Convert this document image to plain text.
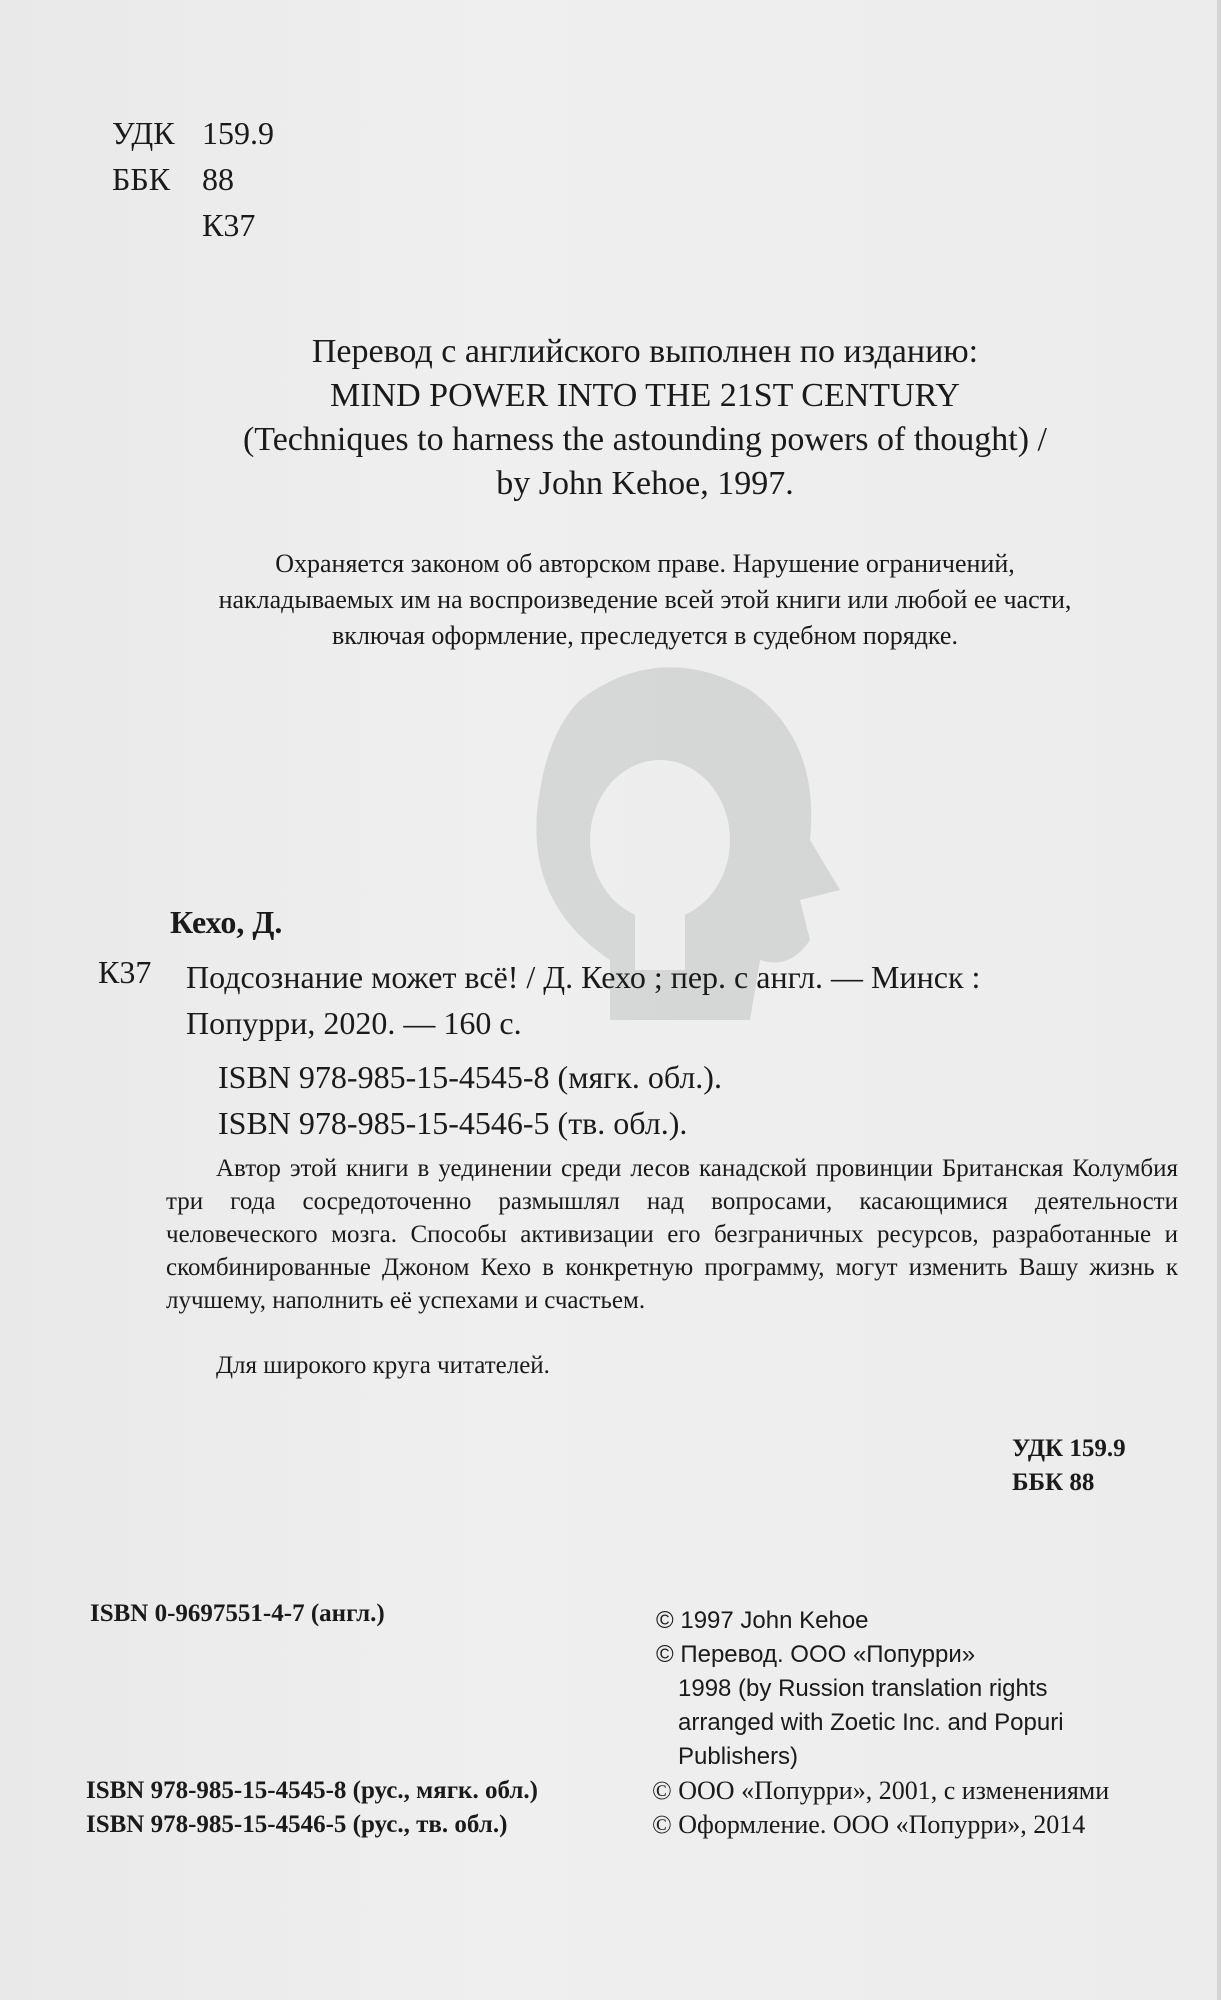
УДК 159.9
ББК 88
К37
Перевод с английского выполнен по изданию:
MIND POWER INTO THE 21ST CENTURY
(Techniques to harness the astounding powers of thought) /
by John Kehoe, 1997.
Охраняется законом об авторском праве. Нарушение ограничений,
накладываемых им на воспроизведение всей этой книги или любой ее части,
включая оформление, преследуется в судебном порядке.
Кехо, Д.
К37 Подсознание может всё! / Д. Кехо ; пер. с англ. — Минск :
Попурри, 2020. — 160 с.
ISBN 978-985-15-4545-8 (мягк. обл.).
ISBN 978-985-15-4546-5 (тв. обл.).
Автор этой книги в уединении среди лесов канадской провинции Британская Колумбия три года сосредоточенно размышлял над вопросами, касающимися деятельности человеческого мозга. Способы активизации его безграничных ресурсов, разработанные и скомбинированные Джоном Кехо в конкретную программу, могут изменить Вашу жизнь к лучшему, наполнить её успехами и счастьем.
Для широкого круга читателей.
УДК 159.9
ББК 88
ISBN 0-9697551-4-7 (англ.)	© 1997 John Kehoe
© Перевод. ООО «Попурри»
1998 (by Russion translation rights
arranged with Zoetic Inc. and Popuri
Publishers)
ISBN 978-985-15-4545-8 (рус., мягк. обл.)
ISBN 978-985-15-4546-5 (рус., тв. обл.)
© ООО «Попурри», 2001, с изменениями
© Оформление. ООО «Попурри», 2014
